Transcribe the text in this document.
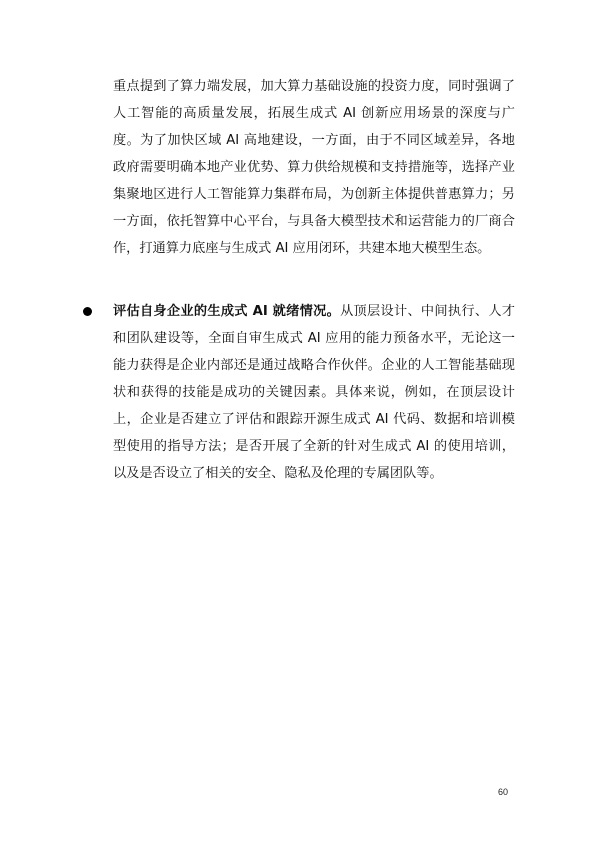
重点提到了算力端发展，加大算力基础设施的投资力度，同时强调了人工智能的高质量发展，拓展生成式 AI 创新应用场景的深度与广度。为了加快区域 AI 高地建设，一方面，由于不同区域差异，各地政府需要明确本地产业优势、算力供给规模和支持措施等，选择产业集聚地区进行人工智能算力集群布局，为创新主体提供普惠算力；另一方面，依托智算中心平台，与具备大模型技术和运营能力的厂商合作，打通算力底座与生成式 AI 应用闭环，共建本地大模型生态。

评估自身企业的生成式 AI 就绪情况。从顶层设计、中间执行、人才和团队建设等，全面自审生成式 AI 应用的能力预备水平，无论这一能力获得是企业内部还是通过战略合作伙伴。企业的人工智能基础现状和获得的技能是成功的关键因素。具体来说，例如，在顶层设计上，企业是否建立了评估和跟踪开源生成式 AI 代码、数据和培训模型使用的指导方法；是否开展了全新的针对生成式 AI 的使用培训，以及是否设立了相关的安全、隐私及伦理的专属团队等。

60
